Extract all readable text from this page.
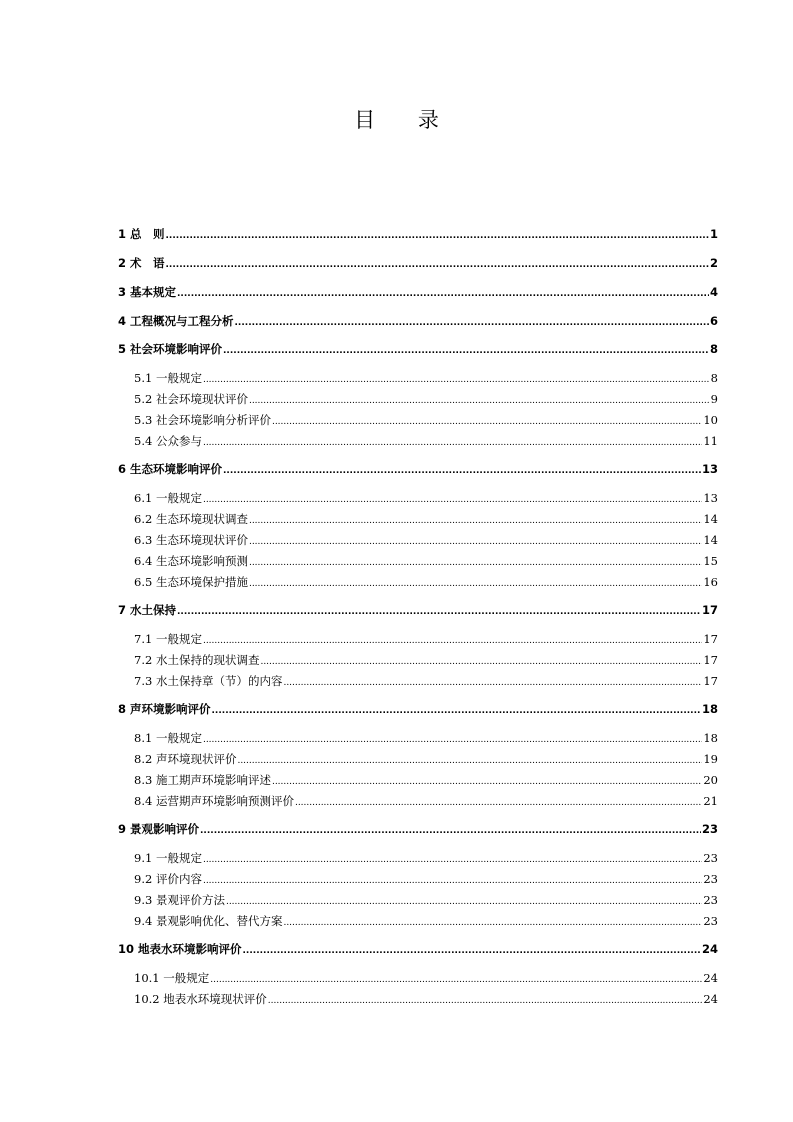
目 录
1 总　则 .....	1
2 术　语 .....	2
3 基本规定 .....	4
4 工程概况与工程分析 .....	6
5 社会环境影响评价 .....	8
5.1 一般规定 .....	8
5.2 社会环境现状评价 .....	9
5.3 社会环境影响分析评价 .....	10
5.4 公众参与 .....	11
6 生态环境影响评价 .....	13
6.1 一般规定 .....	13
6.2 生态环境现状调查 .....	14
6.3 生态环境现状评价 .....	14
6.4 生态环境影响预测 .....	15
6.5 生态环境保护措施 .....	16
7 水土保持 .....	17
7.1 一般规定 .....	17
7.2 水土保持的现状调查 .....	17
7.3 水土保持章（节）的内容 .....	17
8 声环境影响评价 .....	18
8.1 一般规定 .....	18
8.2 声环境现状评价 .....	19
8.3 施工期声环境影响评述 .....	20
8.4 运营期声环境影响预测评价 .....	21
9 景观影响评价 .....	23
9.1 一般规定 .....	23
9.2 评价内容 .....	23
9.3 景观评价方法 .....	23
9.4 景观影响优化、替代方案 .....	23
10 地表水环境影响评价 .....	24
10.1 一般规定 .....	24
10.2 地表水环境现状评价 .....	24
